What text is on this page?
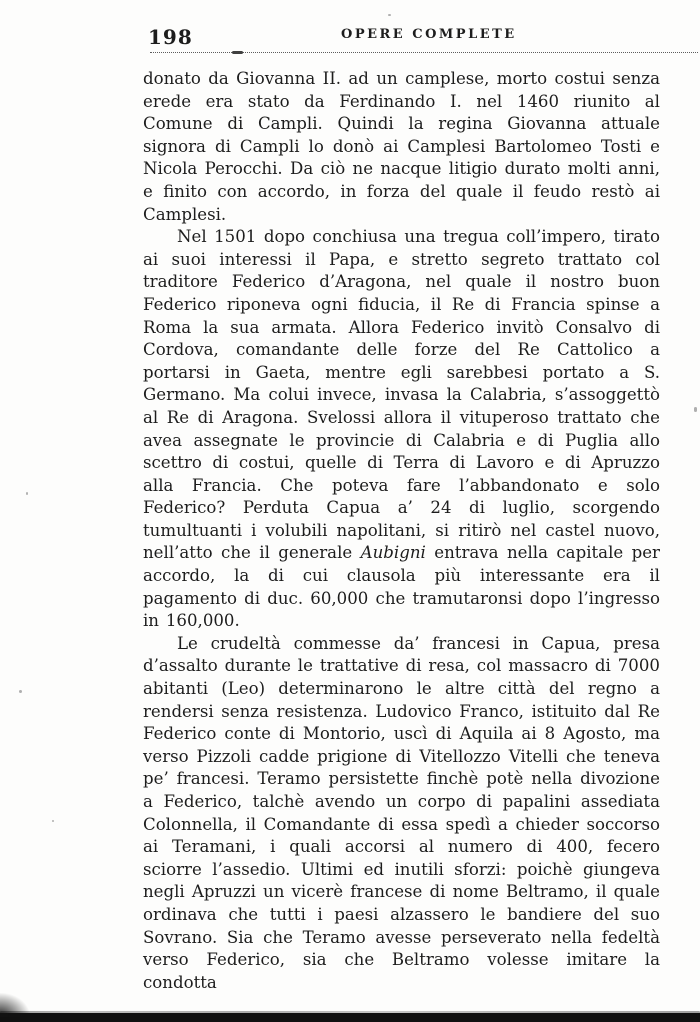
198	OPERE COMPLETE

donato da Giovanna II. ad un camplese, morto costui senza erede era stato da Ferdinando I. nel 1460 riunito al Comune di Campli. Quindi la regina Giovanna attuale signora di Campli lo donò ai Camplesi Bartolomeo Tosti e Nicola Perocchi. Da ciò ne nacque litigio durato molti anni, e finito con accordo, in forza del quale il feudo restò ai Camplesi.

Nel 1501 dopo conchiusa una tregua coll’impero, tirato ai suoi interessi il Papa, e stretto segreto trattato col traditore Federico d’Aragona, nel quale il nostro buon Federico riponeva ogni fiducia, il Re di Francia spinse a Roma la sua armata. Allora Federico invitò Consalvo di Cordova, comandante delle forze del Re Cattolico a portarsi in Gaeta, mentre egli sarebbesi portato a S. Germano. Ma colui invece, invasa la Calabria, s’assoggettò al Re di Aragona. Svelossi allora il vituperoso trattato che avea assegnate le provincie di Calabria e di Puglia allo scettro di costui, quelle di Terra di Lavoro e di Apruzzo alla Francia. Che poteva fare l’abbandonato e solo Federico? Perduta Capua a’ 24 di luglio, scorgendo tumultuanti i volubili napolitani, si ritirò nel castel nuovo, nell’atto che il generale Aubigni entrava nella capitale per accordo, la di cui clausola più interessante era il pagamento di duc. 60,000 che tramutaronsi dopo l’ingresso in 160,000.

Le crudeltà commesse da’ francesi in Capua, presa d’assalto durante le trattative di resa, col massacro di 7000 abitanti (Leo) determinarono le altre città del regno a rendersi senza resistenza. Ludovico Franco, istituito dal Re Federico conte di Montorio, uscì di Aquila ai 8 Agosto, ma verso Pizzoli cadde prigione di Vitellozzo Vitelli che teneva pe’ francesi. Teramo persistette finchè potè nella divozione a Federico, talchè avendo un corpo di papalini assediata Colonnella, il Comandante di essa spedì a chieder soccorso ai Teramani, i quali accorsi al numero di 400, fecero sciorre l’assedio. Ultimi ed inutili sforzi: poichè giungeva negli Apruzzi un vicerè francese di nome Beltramo, il quale ordinava che tutti i paesi alzassero le bandiere del suo Sovrano. Sia che Teramo avesse perseverato nella fedeltà verso Federico, sia che Beltramo volesse imitare la condotta
